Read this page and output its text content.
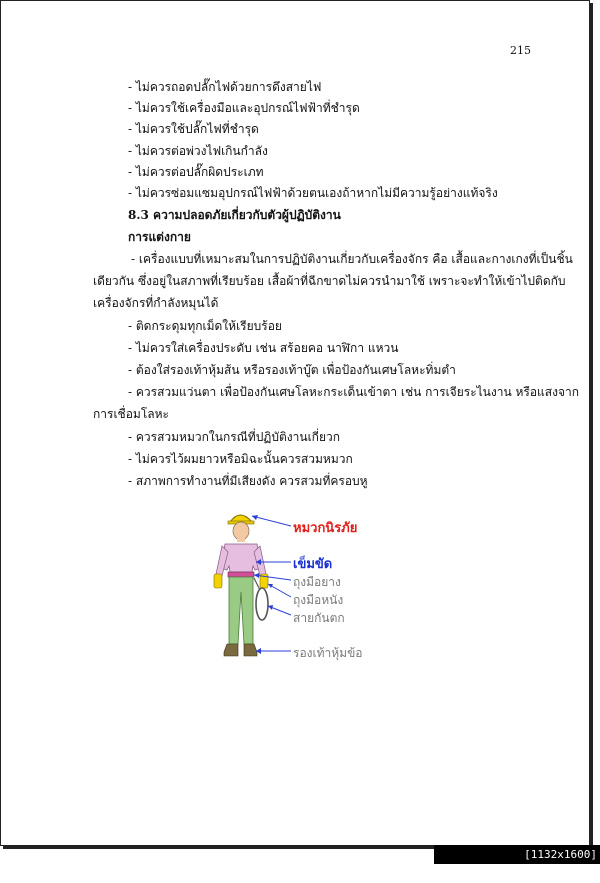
215
- ไม่ควรถอดปลั๊กไฟด้วยการดึงสายไฟ
- ไม่ควรใช้เครื่องมือและอุปกรณ์ไฟฟ้าที่ชำรุด
- ไม่ควรใช้ปลั๊กไฟที่ชำรุด
- ไม่ควรต่อพ่วงไฟเกินกำลัง
- ไม่ควรต่อปลั๊กผิดประเภท
- ไม่ควรซ่อมแซมอุปกรณ์ไฟฟ้าด้วยตนเองถ้าหากไม่มีความรู้อย่างแท้จริง
8.3 ความปลอดภัยเกี่ยวกับตัวผู้ปฏิบัติงาน
การแต่งกาย
- เครื่องแบบที่เหมาะสมในการปฏิบัติงานเกี่ยวกับเครื่องจักร คือ เสื้อและกางเกงที่เป็นชิ้น
เดียวกัน ซึ่งอยู่ในสภาพที่เรียบร้อย เสื้อผ้าที่ฉีกขาดไม่ควรนำมาใช้ เพราะจะทำให้เข้าไปติดกับ
เครื่องจักรที่กำลังหมุนได้
- ติดกระดุมทุกเม็ดให้เรียบร้อย
- ไม่ควรใส่เครื่องประดับ เช่น สร้อยคอ นาฬิกา แหวน
- ต้องใส่รองเท้าหุ้มส้น หรือรองเท้าบู๊ต เพื่อป้องกันเศษโลหะทิ่มตำ
- ควรสวมแว่นตา เพื่อป้องกันเศษโลหะกระเด็นเข้าตา เช่น การเจียระไนงาน หรือแสงจาก
การเชื่อมโลหะ
- ควรสวมหมวกในกรณีที่ปฏิบัติงานเกี่ยวก
- ไม่ควรไว้ผมยาวหรือมิฉะนั้นควรสวมหมวก
- สภาพการทำงานที่มีเสียงดัง ควรสวมที่ครอบหู
หมวกนิรภัย
เข็มขัด
ถุงมือยาง
ถุงมือหนัง
สายกันตก
รองเท้าหุ้มข้อ
[1132x1600] https://upic.me/
